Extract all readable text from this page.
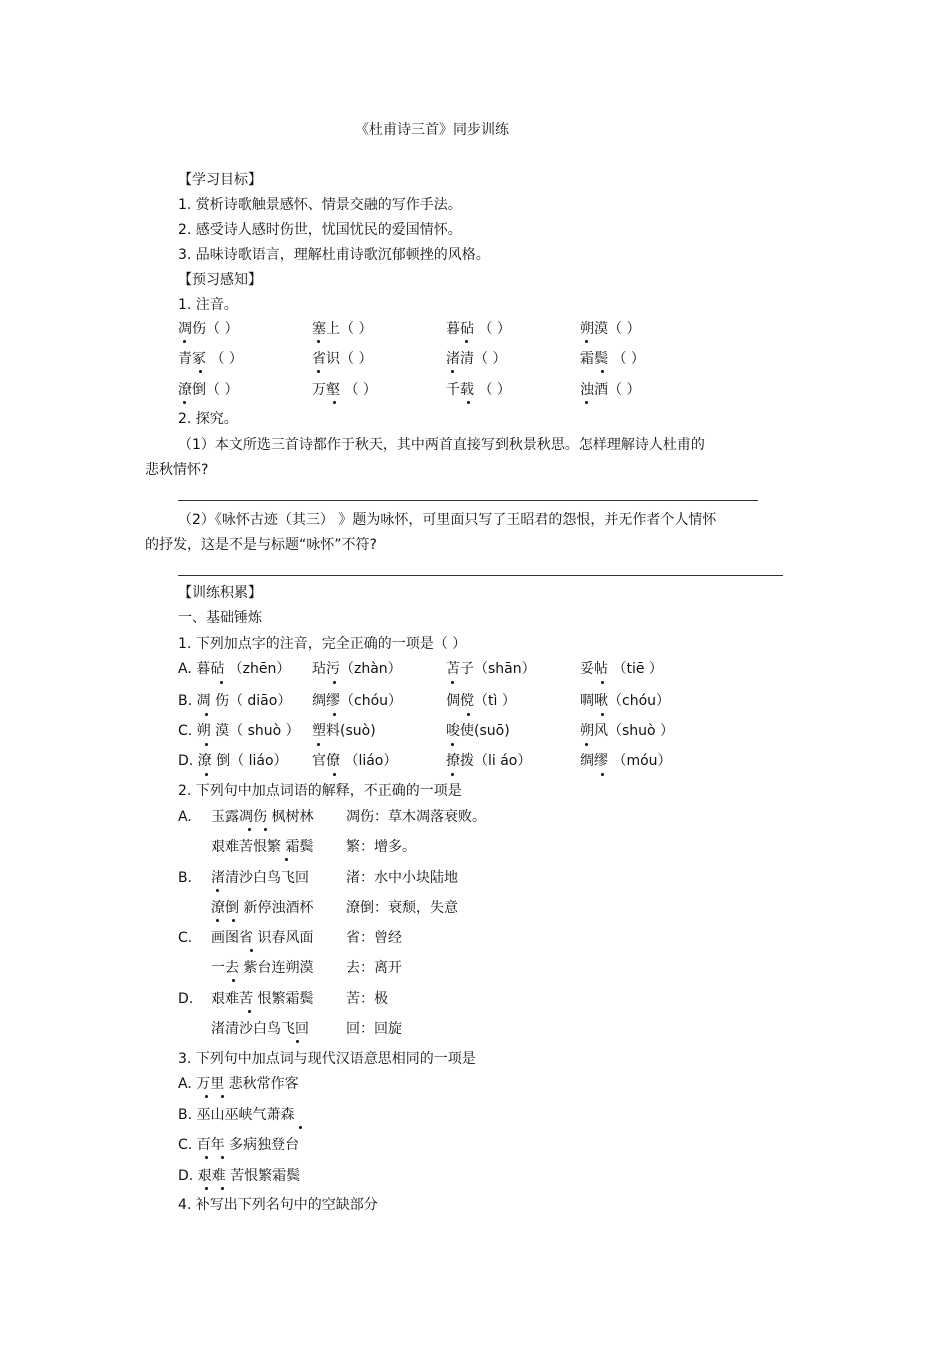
《杜甫诗三首》同步训练
【学习目标】
1. 赏析诗歌触景感怀、情景交融的写作手法。
2. 感受诗人感时伤世，忧国忧民的爱国情怀。
3. 品味诗歌语言，理解杜甫诗歌沉郁顿挫的风格。
【预习感知】
1. 注音。
凋伤（ ）	塞上（ ）	暮砧 （ ）	朔漠（ ）
青冢 （ ）	省识（ ）	渚清（ ）	霜鬓 （ ）
潦倒（ ）	万壑 （ ）	千载 （ ）	浊酒（ ）
2. 探究。
（1）本文所选三首诗都作于秋天，其中两首直接写到秋景秋思。怎样理解诗人杜甫的
悲秋情怀?
（2）《咏怀古迹（其三） 》题为咏怀，可里面只写了王昭君的怨恨，并无作者个人情怀
的抒发，这是不是与标题“咏怀”不符?
【训练积累】
一、基础锤炼
1. 下列加点字的注音，完全正确的一项是（ ）
A. 暮砧 （zhēn） 玷污（zhàn）	苫子（shān）	妥帖 （tiē ）
B. 凋 伤（ diāo） 绸缪（chóu）	倜傥（tì ）	啁啾（chóu）
C. 朔 漠（ shuò ） 塑料(suò)	唆使(suō)	朔风（shuò ）
D. 潦 倒（ liáo） 官僚 （liáo）	撩拨（li áo）	绸缪 （móu）
2. 下列句中加点词语的解释，不正确的一项是
A. 玉露凋伤 枫树林 凋伤：草木凋落衰败。
艰难苦恨繁 霜鬓 繁：增多。
B. 渚清沙白鸟飞回	渚：水中小块陆地
潦倒 新停浊酒杯 潦倒：衰颓，失意
C. 画图省 识春风面 省：曾经
一去 紫台连朔漠 去：离开
D. 艰难苦 恨繁霜鬓 苦：极
渚清沙白鸟飞回	回：回旋
3. 下列句中加点词与现代汉语意思相同的一项是
A. 万里 悲秋常作客
B. 巫山巫峡气萧森
C. 百年 多病独登台
D. 艰难 苦恨繁霜鬓
4. 补写出下列名句中的空缺部分
